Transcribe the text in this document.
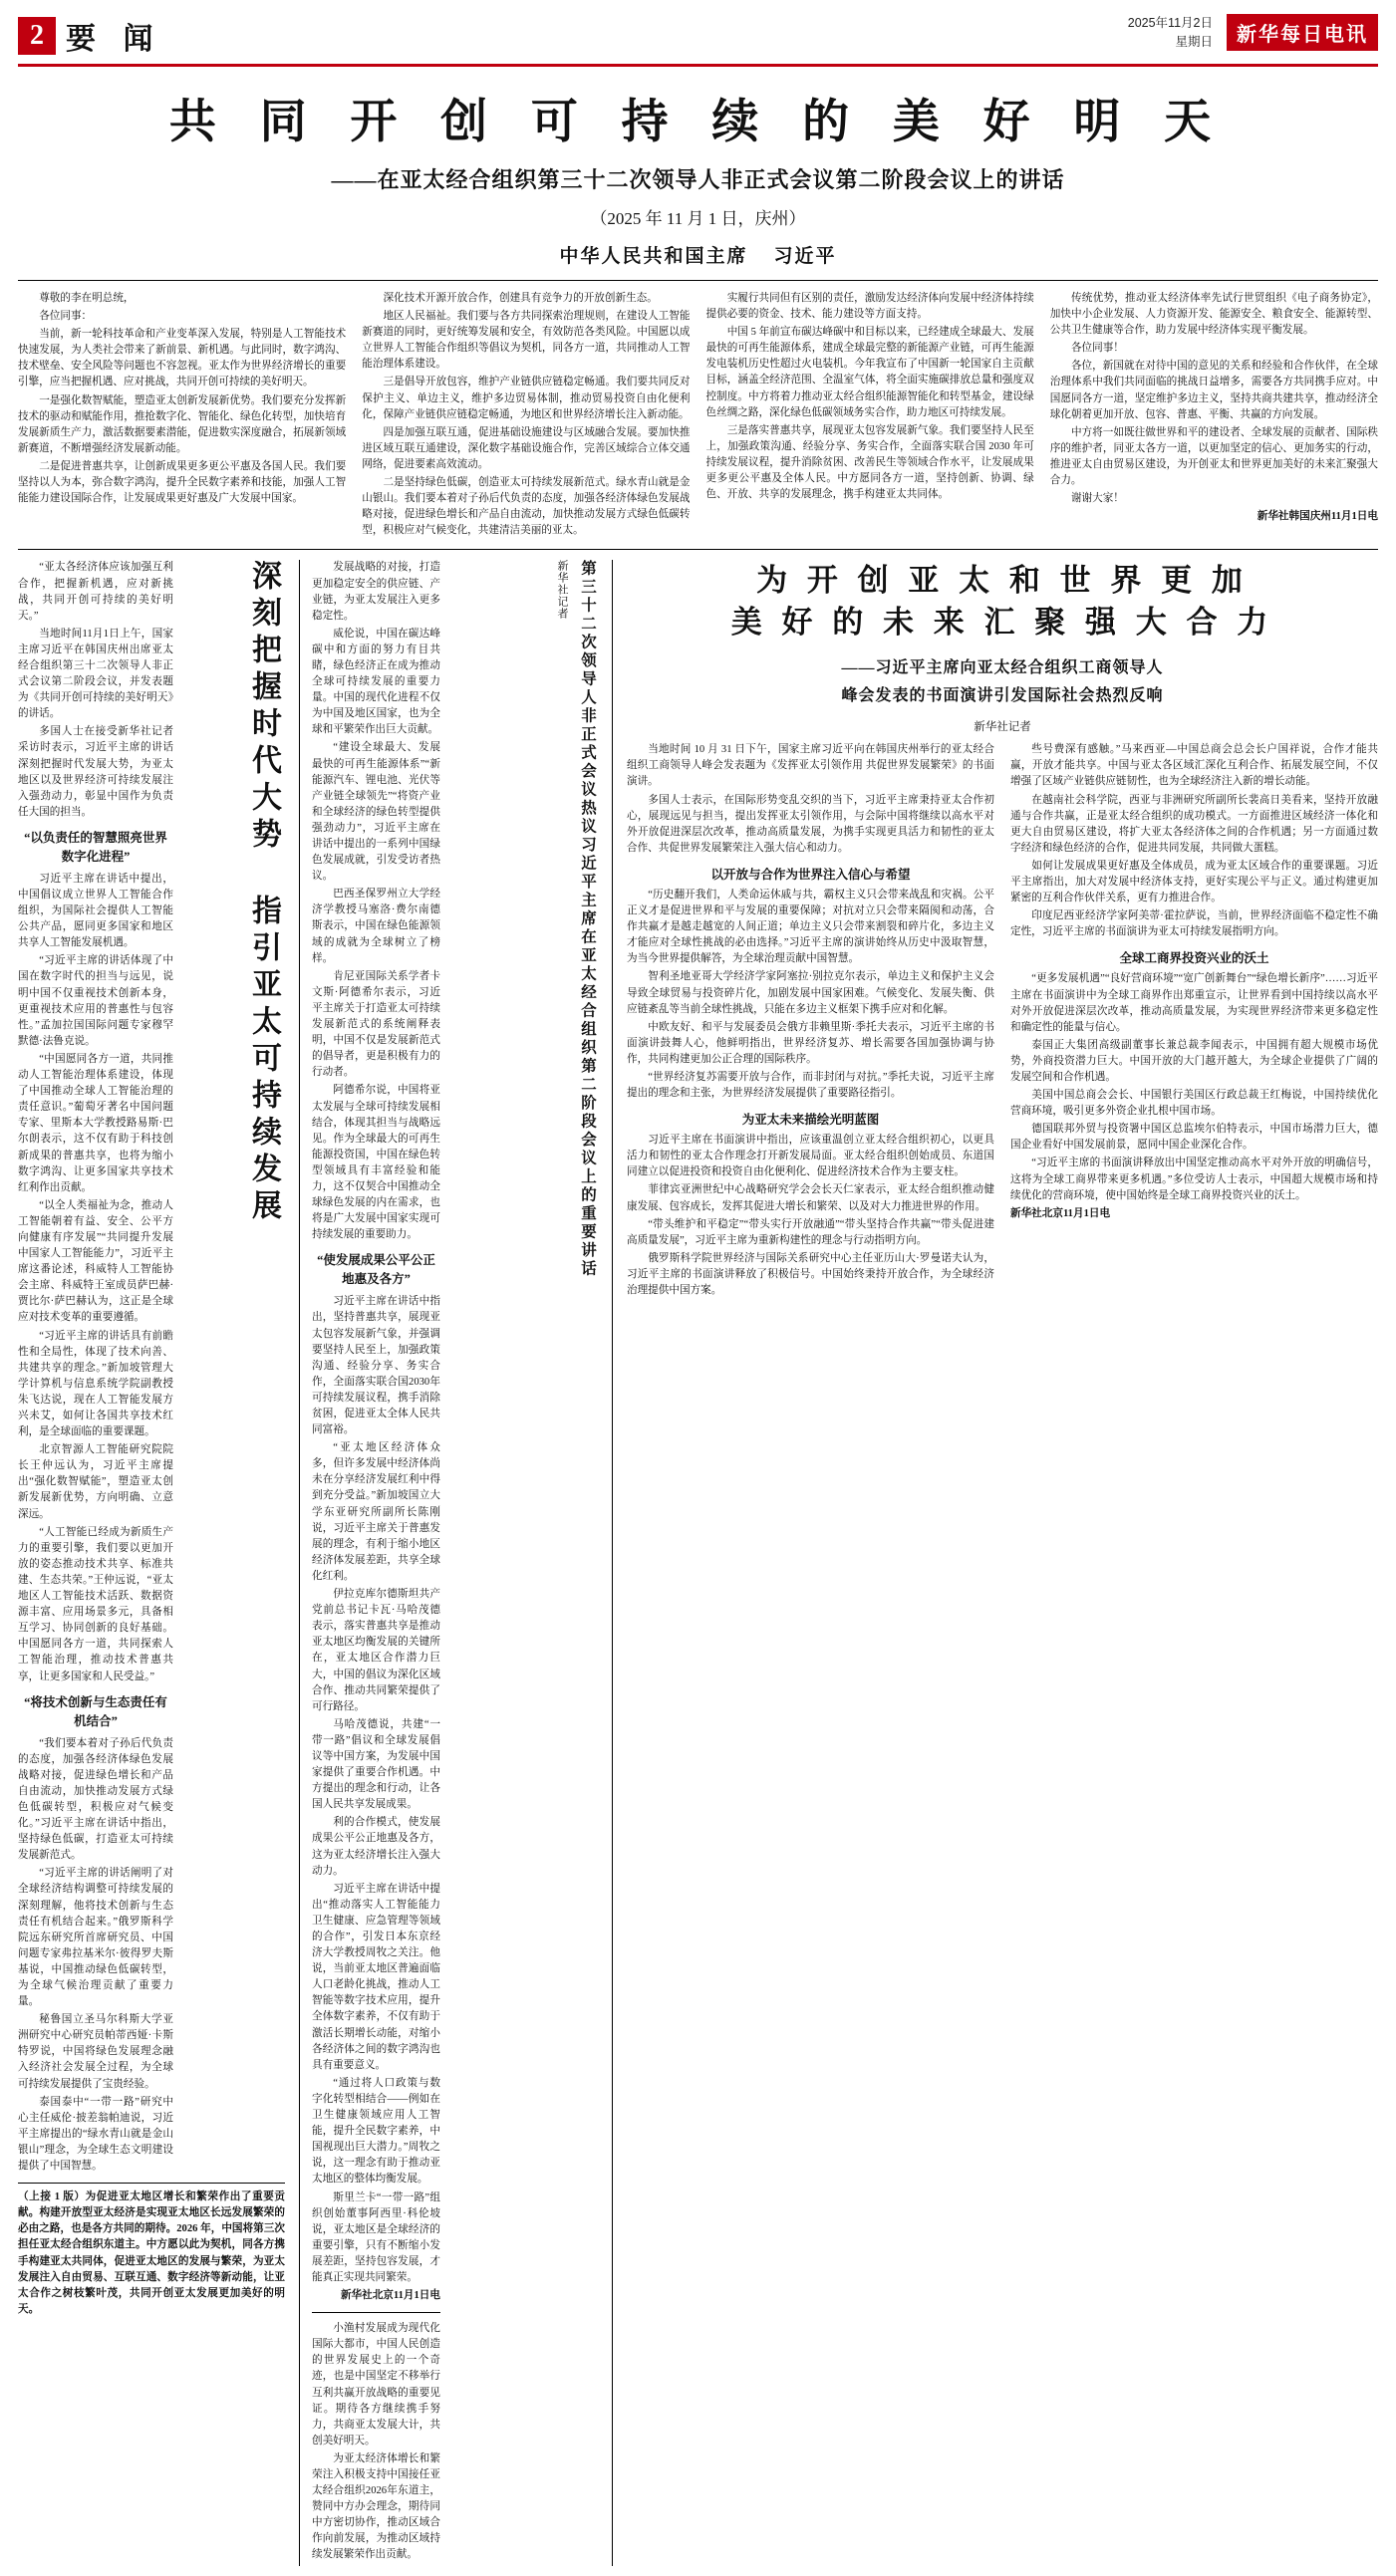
2 要 闻	2025年11月2日
星期日	新华每日电讯
共 同 开 创 可 持 续 的 美 好 明 天
——在亚太经合组织第三十二次领导人非正式会议第二阶段会议上的讲话
（2025 年 11 月 1 日，庆州）
中华人民共和国主席 习近平

尊敬的李在明总统，

各位同事：

当前，新一轮科技革命和产业变革深入发展，特别是人工智能技术快速发展，为人类社会带来了新前景、新机遇。与此同时，数字鸿沟、技术壁垒、安全风险等问题也不容忽视。亚太作为世界经济增长的重要引擎，应当把握机遇、应对挑战，共同开创可持续的美好明天。

一是强化数智赋能，塑造亚太创新发展新优势。我们要充分发挥新技术的驱动和赋能作用，推抢数字化、智能化、绿色化转型，加快培育发展新质生产力，激活数据要素潜能，促进数实深度融合，拓展新领域新赛道，不断增强经济发展新动能。

二是促进普惠共享，让创新成果更多更公平惠及各国人民。我们要坚持以人为本，弥合数字鸿沟，提升全民数字素养和技能，加强人工智能能力建设国际合作，让发展成果更好惠及广大发展中国家。

深化技术开源开放合作，创建具有竞争力的开放创新生态。

地区人民福祉。我们要与各方共同探索治理规则，在建设人工智能新赛道的同时，更好统筹发展和安全，有效防范各类风险。中国愿以成立世界人工智能合作组织等倡议为契机，同各方一道，共同推动人工智能治理体系建设。

三是倡导开放包容，维护产业链供应链稳定畅通。我们要共同反对保护主义、单边主义，维护多边贸易体制，推动贸易投资自由化便利化，保障产业链供应链稳定畅通，为地区和世界经济增长注入新动能。

四是加强互联互通，促进基础设施建设与区域融合发展。要加快推进区域互联互通建设，深化数字基础设施合作，完善区域综合立体交通网络，促进要素高效流动。

二是坚持绿色低碳，创造亚太可持续发展新范式。绿水青山就是金山银山。我们要本着对子孙后代负责的态度，加强各经济体绿色发展战略对接，促进绿色增长和产品自由流动，加快推动发展方式绿色低碳转型，积极应对气候变化，共建清洁美丽的亚太。

实履行共同但有区别的责任，激励发达经济体向发展中经济体持续提供必要的资金、技术、能力建设等方面支持。

中国 5 年前宣布碳达峰碳中和目标以来，已经建成全球最大、发展最快的可再生能源体系，建成全球最完整的新能源产业链，可再生能源发电装机历史性超过火电装机。今年我宣布了中国新一轮国家自主贡献目标，涵盖全经济范围、全温室气体，将全面实施碳排放总量和强度双控制度。中方将着力推动亚太经合组织能源智能化和转型基金，建设绿色丝绸之路，深化绿色低碳领域务实合作，助力地区可持续发展。

三是落实普惠共享，展现亚太包容发展新气象。我们要坚持人民至上，加强政策沟通、经验分享、务实合作，全面落实联合国 2030 年可持续发展议程，提升消除贫困、改善民生等领域合作水平，让发展成果更多更公平惠及全体人民。中方愿同各方一道，坚持创新、协调、绿色、开放、共享的发展理念，携手构建亚太共同体。

传统优势，推动亚太经济体率先试行世贸组织《电子商务协定》，加快中小企业发展、人力资源开发、能源安全、粮食安全、能源转型、公共卫生健康等合作，助力发展中经济体实现平衡发展。

各位同事！

各位，新国就在对待中国的意见的关系和经验和合作伙伴，在全球治理体系中我们共同面临的挑战日益增多，需要各方共同携手应对。中国愿同各方一道，坚定维护多边主义，坚持共商共建共享，推动经济全球化朝着更加开放、包容、普惠、平衡、共赢的方向发展。

中方将一如既往做世界和平的建设者、全球发展的贡献者、国际秩序的维护者，同亚太各方一道，以更加坚定的信心、更加务实的行动，推进亚太自由贸易区建设，为开创亚太和世界更加美好的未来汇聚强大合力。

谢谢大家！

新华社韩国庆州11月1日电

“亚太各经济体应该加强互利合作，把握新机遇，应对新挑战，共同开创可持续的美好明天。”

当地时间11月1日上午，国家主席习近平在韩国庆州出席亚太经合组织第三十二次领导人非正式会议第二阶段会议，并发表题为《共同开创可持续的美好明天》的讲话。

多国人士在接受新华社记者采访时表示，习近平主席的讲话深刻把握时代发展大势，为亚太地区以及世界经济可持续发展注入强劲动力，彰显中国作为负责任大国的担当。

“以负责任的智慧照亮世界数字化进程”

习近平主席在讲话中提出，中国倡议成立世界人工智能合作组织，为国际社会提供人工智能公共产品，愿同更多国家和地区共享人工智能发展机遇。

“习近平主席的讲话体现了中国在数字时代的担当与远见，说明中国不仅重视技术创新本身，更重视技术应用的普惠性与包容性。”孟加拉国国际问题专家穆罕默德·法鲁克说。

“中国愿同各方一道，共同推动人工智能治理体系建设，体现了中国推动全球人工智能治理的责任意识。”葡萄牙著名中国问题专家、里斯本大学教授路易斯·巴尔朗表示，这不仅有助于科技创新成果的普惠共享，也将为缩小数字鸿沟、让更多国家共享技术红利作出贡献。

“以全人类福祉为念，推动人工智能朝着有益、安全、公平方向健康有序发展”“共同提升发展中国家人工智能能力”，习近平主席这番论述，科威特人工智能协会主席、科威特王室成员萨巴赫·贾比尔·萨巴赫认为，这正是全球应对技术变革的重要遵循。

“习近平主席的讲话具有前瞻性和全局性，体现了技术向善、共建共享的理念。”新加坡管理大学计算机与信息系统学院副教授朱飞达说，现在人工智能发展方兴未艾，如何让各国共享技术红利，是全球面临的重要课题。

北京智源人工智能研究院院长王仲远认为，习近平主席提出“强化数智赋能”，塑造亚太创新发展新优势，方向明确、立意深远。

“人工智能已经成为新质生产力的重要引擎，我们要以更加开放的姿态推动技术共享、标准共建、生态共荣。”王仲远说，“亚太地区人工智能技术活跃、数据资源丰富、应用场景多元，具备相互学习、协同创新的良好基础。中国愿同各方一道，共同探索人工智能治理，推动技术普惠共享，让更多国家和人民受益。”

“将技术创新与生态责任有机结合”

“我们要本着对子孙后代负责的态度，加强各经济体绿色发展战略对接，促进绿色增长和产品自由流动，加快推动发展方式绿色低碳转型，积极应对气候变化。”习近平主席在讲话中指出，坚持绿色低碳，打造亚太可持续发展新范式。

“习近平主席的讲话阐明了对全球经济结构调整可持续发展的深刻理解，他将技术创新与生态责任有机结合起来。”俄罗斯科学院远东研究所首席研究员、中国问题专家弗拉基米尔·彼得罗夫斯基说，中国推动绿色低碳转型，为全球气候治理贡献了重要力量。

秘鲁国立圣马尔科斯大学亚洲研究中心研究员帕蒂西娅·卡斯特罗说，中国将绿色发展理念融入经济社会发展全过程，为全球可持续发展提供了宝贵经验。

泰国泰中“一带一路”研究中心主任威伦·披差翁帕迪说，习近平主席提出的“绿水青山就是金山银山”理念，为全球生态文明建设提供了中国智慧。

深刻把握时代大势 指引亚太可持续发展

（上接 1 版）为促进亚太地区增长和繁荣作出了重要贡献。构建开放型亚太经济是实现亚太地区长远发展繁荣的必由之路，也是各方共同的期待。2026 年，中国将第三次担任亚太经合组织东道主。中方愿以此为契机，同各方携手构建亚太共同体，促进亚太地区的发展与繁荣，为亚太发展注入自由贸易、互联互通、数字经济等新动能，让亚太合作之树枝繁叶茂，共同开创亚太发展更加美好的明天。

发展战略的对接，打造更加稳定安全的供应链、产业链，为亚太发展注入更多稳定性。

威伦说，中国在碳达峰碳中和方面的努力有目共睹，绿色经济正在成为推动全球可持续发展的重要力量。中国的现代化进程不仅为中国及地区国家，也为全球和平繁荣作出巨大贡献。

“建设全球最大、发展最快的可再生能源体系”“新能源汽车、锂电池、光伏等产业链全球领先”“将资产业和全球经济的绿色转型提供强劲动力”，习近平主席在讲话中提出的一系列中国绿色发展成就，引发受访者热议。

巴西圣保罗州立大学经济学教授马塞洛·费尔南德斯表示，中国在绿色能源领域的成就为全球树立了榜样。

肯尼亚国际关系学者卡文斯·阿德希尔表示，习近平主席关于打造亚太可持续发展新范式的系统阐释表明，中国不仅是发展新范式的倡导者，更是积极有力的行动者。

阿德希尔说，中国将亚太发展与全球可持续发展相结合，体现其担当与战略远见。作为全球最大的可再生能源投资国，中国在绿色转型领域具有丰富经验和能力，这不仅契合中国推动全球绿色发展的内在需求，也将是广大发展中国家实现可持续发展的重要助力。

“使发展成果公平公正地惠及各方”

习近平主席在讲话中指出，坚持普惠共享，展现亚太包容发展新气象，并强调要坚持人民至上，加强政策沟通、经验分享、务实合作，全面落实联合国2030年可持续发展议程，携手消除贫困，促进亚太全体人民共同富裕。

“亚太地区经济体众多，但许多发展中经济体尚未在分享经济发展红利中得到充分受益。”新加坡国立大学东亚研究所副所长陈刚说，习近平主席关于普惠发展的理念，有利于缩小地区经济体发展差距，共享全球化红利。

伊拉克库尔德斯坦共产党前总书记卡瓦·马哈茂德表示，落实普惠共享是推动亚太地区均衡发展的关键所在，亚太地区合作潜力巨大，中国的倡议为深化区域合作、推动共同繁荣提供了可行路径。

马哈茂德说，共建“一带一路”倡议和全球发展倡议等中国方案，为发展中国家提供了重要合作机遇。中方提出的理念和行动，让各国人民共享发展成果。

利的合作模式，使发展成果公平公正地惠及各方，这为亚太经济增长注入强大动力。

习近平主席在讲话中提出“推动落实人工智能能力卫生健康、应急管理等领域的合作”，引发日本东京经济大学教授周牧之关注。他说，当前亚太地区普遍面临人口老龄化挑战，推动人工智能等数字技术应用，提升全体数字素养，不仅有助于激活长期增长动能，对缩小各经济体之间的数字鸿沟也具有重要意义。

“通过将人口政策与数字化转型相结合——例如在卫生健康领域应用人工智能，提升全民数字素养，中国视现出巨大潜力。”周牧之说，这一理念有助于推动亚太地区的整体均衡发展。

斯里兰卡“一带一路”组织创始董事阿西里·科伦坡说，亚太地区是全球经济的重要引擎，只有不断缩小发展差距，坚持包容发展，才能真正实现共同繁荣。

新华社北京11月1日电

小渔村发展成为现代化国际大都市，中国人民创造的世界发展史上的一个奇迹，也是中国坚定不移举行互利共赢开放战略的重要见证。期待各方继续携手努力，共商亚太发展大计，共创美好明天。

为亚太经济体增长和繁荣注入积极支持中国接任亚太经合组织2026年东道主，赞同中方办会理念，期待同中方密切协作，推动区域合作向前发展，为推动区域持续发展繁荣作出贡献。

第三十二次领导人非正式会议热议习近平主席在亚太经合组织第二阶段会议上的重要讲话
新华社记者	为 开 创 亚 太 和 世 界 更 加
美 好 的 未 来 汇 聚 强 大 合 力
——习近平主席向亚太经合组织工商领导人
峰会发表的书面演讲引发国际社会热烈反响
新华社记者

当地时间 10 月 31 日下午，国家主席习近平向在韩国庆州举行的亚太经合组织工商领导人峰会发表题为《发挥亚太引领作用 共促世界发展繁荣》的书面演讲。

多国人士表示，在国际形势变乱交织的当下，习近平主席秉持亚太合作初心，展现远见与担当，提出发挥亚太引领作用，与会际中国将继续以高水平对外开放促进深层次改革，推动高质量发展，为携手实现更具活力和韧性的亚太合作、共促世界发展繁荣注入强大信心和动力。

以开放与合作为世界注入信心与希望

“历史翻开我们，人类命运休戚与共，霸权主义只会带来战乱和灾祸。公平正义才是促进世界和平与发展的重要保障；对抗对立只会带来隔阂和动荡，合作共赢才是越走越宽的人间正道；单边主义只会带来割裂和碎片化，多边主义才能应对全球性挑战的必由选择。”习近平主席的演讲始终从历史中汲取智慧，为当今世界提供解答，为全球治理贡献中国智慧。

智利圣地亚哥大学经济学家阿塞拉·别拉克尔表示，单边主义和保护主义会导致全球贸易与投资碎片化，加剧发展中国家困难。气候变化、发展失衡、供应链紊乱等当前全球性挑战，只能在多边主义框架下携手应对和化解。

中欧友好、和平与发展委员会俄方非赖里斯·季托夫表示，习近平主席的书面演讲鼓舞人心，他鲜明指出，世界经济复苏、增长需要各国加强协调与协作，共同构建更加公正合理的国际秩序。

“世界经济复苏需要开放与合作，而非封闭与对抗。”季托夫说，习近平主席提出的理念和主张，为世界经济发展提供了重要路径指引。

为亚太未来描绘光明蓝图

习近平主席在书面演讲中指出，应该重温创立亚太经合组织初心，以更具活力和韧性的亚太合作理念打开新发展局面。亚太经合组织创始成员、东道国同建立以促进投资和投资自由化便利化、促进经济技术合作为主要支柱。

菲律宾亚洲世纪中心战略研究学会会长天仁家表示，亚太经合组织推动健康发展、包容成长，发挥其促进大增长和繁荣、以及对大力推进世界的作用。

“带头维护和平稳定”“带头实行开放融通”“带头坚持合作共赢”“带头促进建高质量发展”，习近平主席为重新构建性的理念与行动指明方向。

俄罗斯科学院世界经济与国际关系研究中心主任亚历山大·罗曼诺夫认为，习近平主席的书面演讲释放了积极信号。中国始终秉持开放合作，为全球经济治理提供中国方案。

些号费深有感触。”马来西亚—中国总商会总会长户国祥说，合作才能共赢，开放才能共享。中国与亚太各区域汇深化互利合作、拓展发展空间，不仅增强了区域产业链供应链韧性，也为全球经济注入新的增长动能。

在越南社会科学院，西亚与非洲研究所副所长裴高日美看来，坚持开放融通与合作共赢，正是亚太经合组织的成功模式。一方面推进区域经济一体化和更大自由贸易区建设，将扩大亚太各经济体之间的合作机遇；另一方面通过数字经济和绿色经济的合作，促进共同发展，共同做大蛋糕。

如何让发展成果更好惠及全体成员，成为亚太区域合作的重要课题。习近平主席指出，加大对发展中经济体支持，更好实现公平与正义。通过构建更加紧密的互利合作伙伴关系，更有力推进合作。

印度尼西亚经济学家阿美蒂·霍拉萨说，当前，世界经济面临不稳定性不确定性，习近平主席的书面演讲为亚太可持续发展指明方向。

全球工商界投资兴业的沃土

“更多发展机遇”“良好营商环境”“宽广创新舞台”“绿色增长新序”……习近平主席在书面演讲中为全球工商界作出郑重宣示，让世界看到中国持续以高水平对外开放促进深层次改革，推动高质量发展，为实现世界经济带来更多稳定性和确定性的能量与信心。

泰国正大集团高级副董事长兼总裁李闻表示，中国拥有超大规模市场优势，外商投资潜力巨大。中国开放的大门越开越大，为全球企业提供了广阔的发展空间和合作机遇。

美国中国总商会会长、中国银行美国区行政总裁王红梅说，中国持续优化营商环境，吸引更多外资企业扎根中国市场。

德国联邦外贸与投资署中国区总监埃尔伯特表示，中国市场潜力巨大，德国企业看好中国发展前景，愿同中国企业深化合作。

“习近平主席的书面演讲释放出中国坚定推动高水平对外开放的明确信号，这将为全球工商界带来更多机遇。”多位受访人士表示，中国超大规模市场和持续优化的营商环境，使中国始终是全球工商界投资兴业的沃土。

新华社北京11月1日电
